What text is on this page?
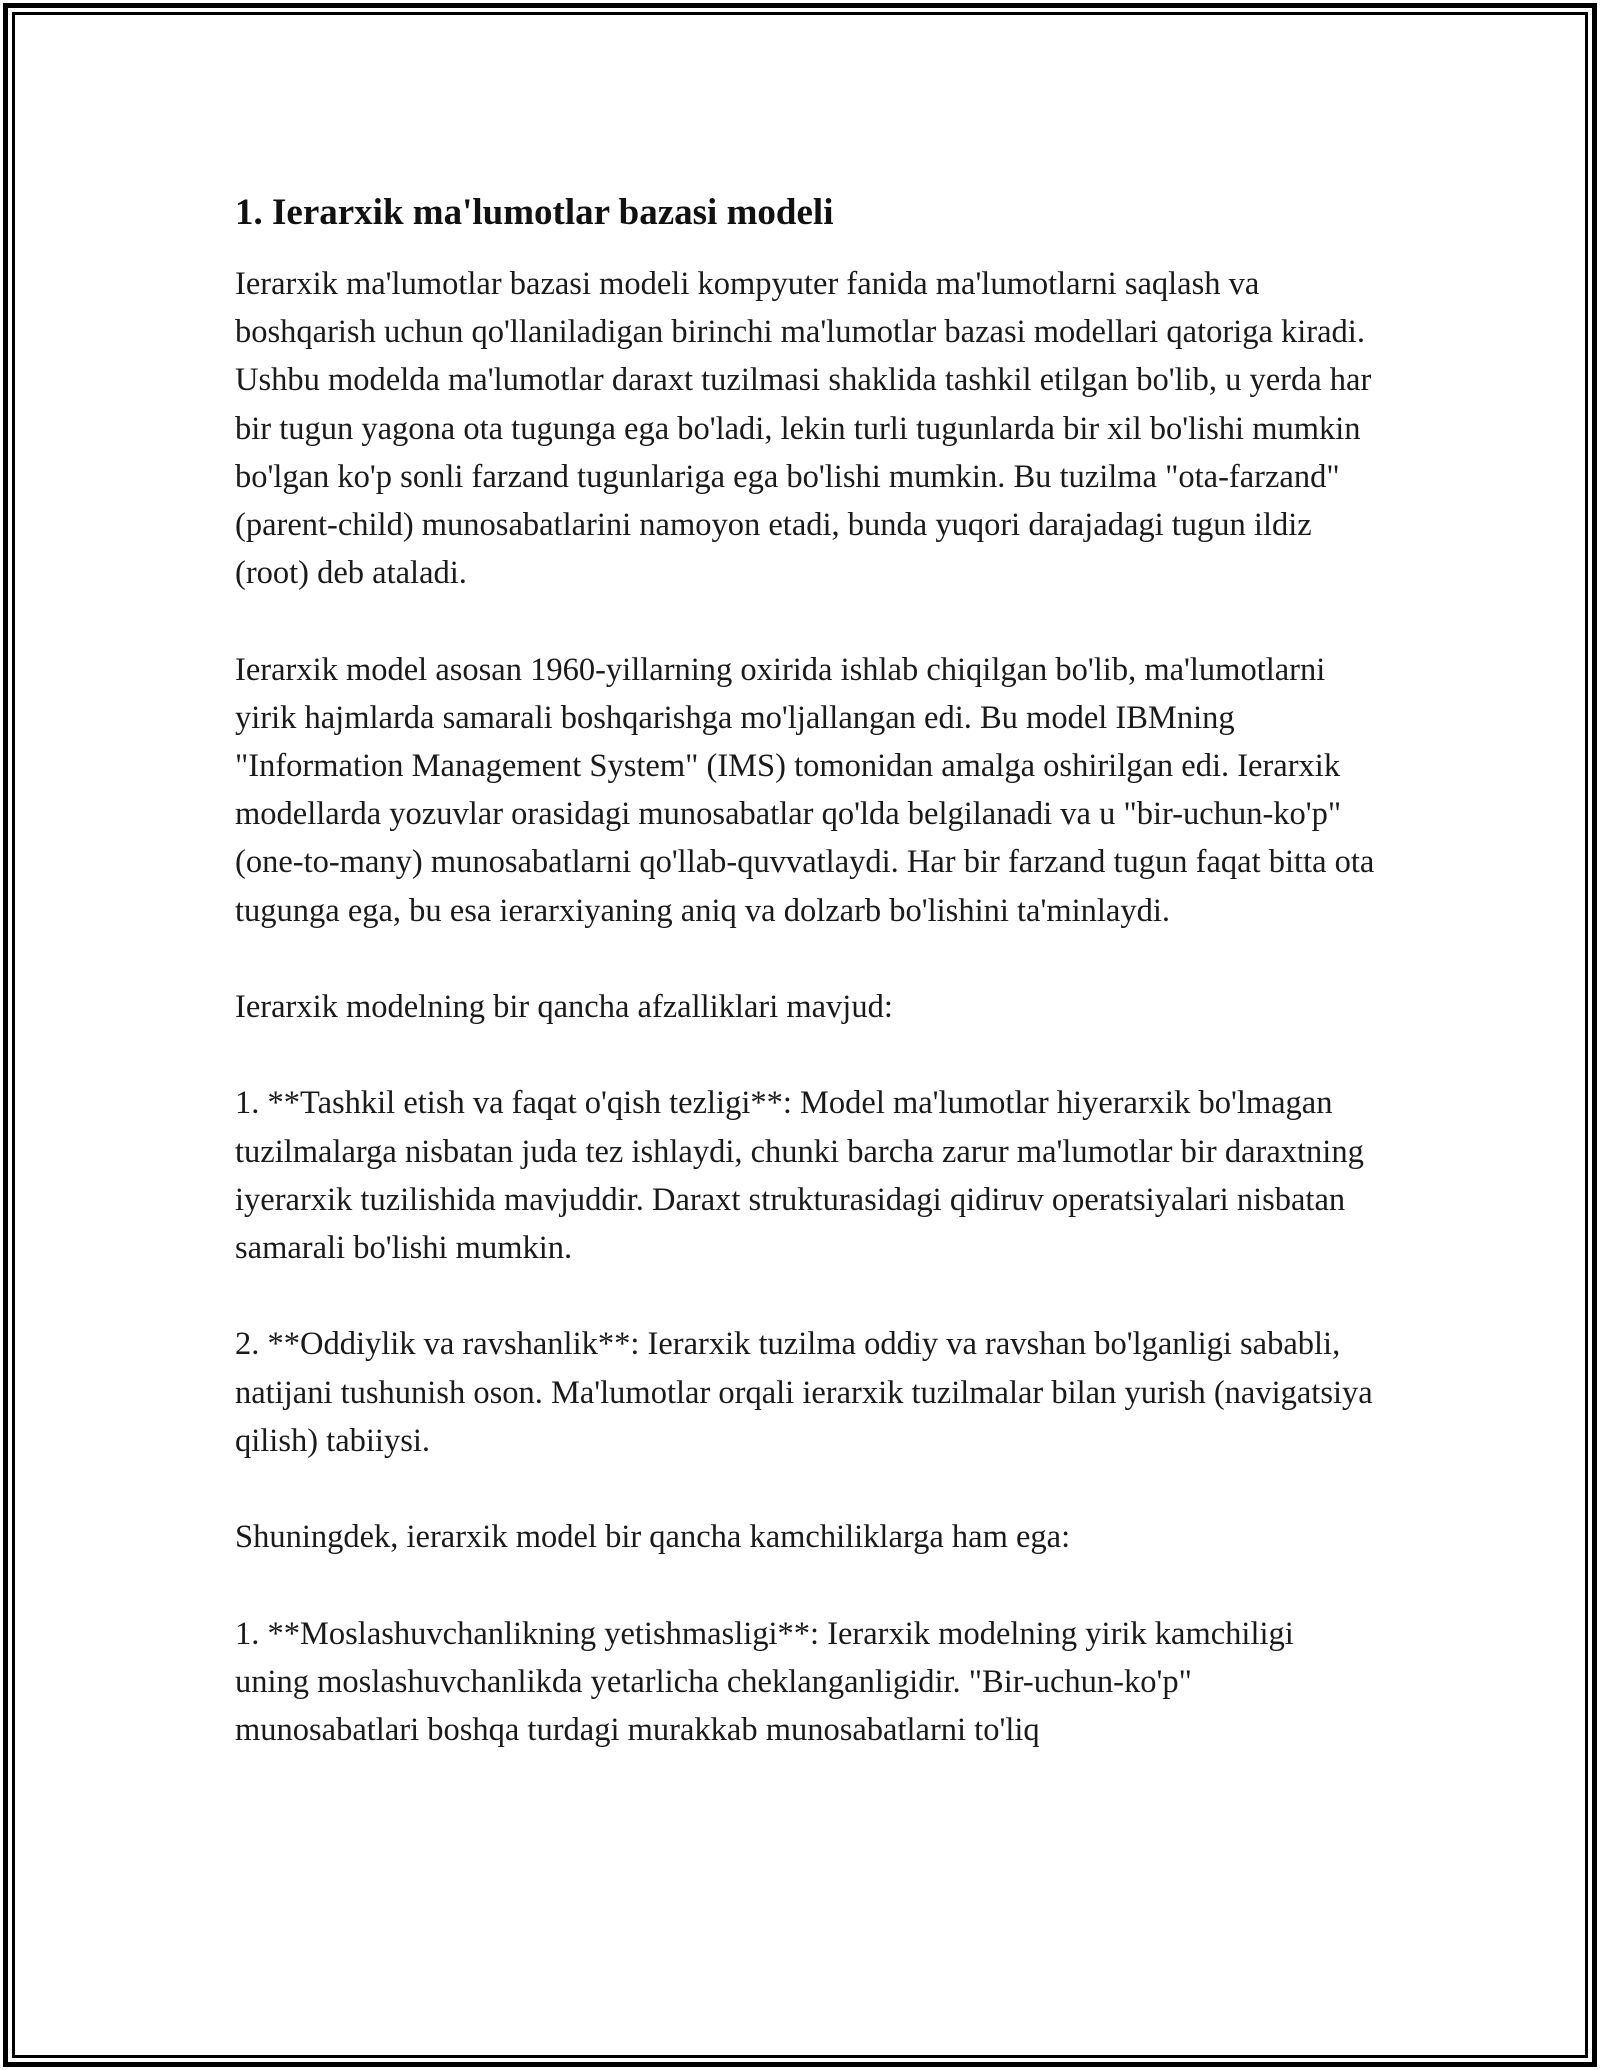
1. Ierarxik ma'lumotlar bazasi modeli

Ierarxik ma'lumotlar bazasi modeli kompyuter fanida ma'lumotlarni saqlash va boshqarish uchun qo'llaniladigan birinchi ma'lumotlar bazasi modellari qatoriga kiradi. Ushbu modelda ma'lumotlar daraxt tuzilmasi shaklida tashkil etilgan bo'lib, u yerda har bir tugun yagona ota tugunga ega bo'ladi, lekin turli tugunlarda bir xil bo'lishi mumkin bo'lgan ko'p sonli farzand tugunlariga ega bo'lishi mumkin. Bu tuzilma "ota-farzand" (parent-child) munosabatlarini namoyon etadi, bunda yuqori darajadagi tugun ildiz (root) deb ataladi.

Ierarxik model asosan 1960-yillarning oxirida ishlab chiqilgan bo'lib, ma'lumotlarni yirik hajmlarda samarali boshqarishga mo'ljallangan edi. Bu model IBMning "Information Management System" (IMS) tomonidan amalga oshirilgan edi. Ierarxik modellarda yozuvlar orasidagi munosabatlar qo'lda belgilanadi va u "bir-uchun-ko'p" (one-to-many) munosabatlarni qo'llab-quvvatlaydi. Har bir farzand tugun faqat bitta ota tugunga ega, bu esa ierarxiyaning aniq va dolzarb bo'lishini ta'minlaydi.

Ierarxik modelning bir qancha afzalliklari mavjud:

1. **Tashkil etish va faqat o'qish tezligi**: Model ma'lumotlar hiyerarxik bo'lmagan tuzilmalarga nisbatan juda tez ishlaydi, chunki barcha zarur ma'lumotlar bir daraxtning iyerarxik tuzilishida mavjuddir. Daraxt strukturasidagi qidiruv operatsiyalari nisbatan samarali bo'lishi mumkin.

2. **Oddiylik va ravshanlik**: Ierarxik tuzilma oddiy va ravshan bo'lganligi sababli, natijani tushunish oson. Ma'lumotlar orqali ierarxik tuzilmalar bilan yurish (navigatsiya qilish) tabiiysi.

Shuningdek, ierarxik model bir qancha kamchiliklarga ham ega:

1. **Moslashuvchanlikning yetishmasligi**: Ierarxik modelning yirik kamchiligi uning moslashuvchanlikda yetarlicha cheklanganligidir. "Bir-uchun-ko'p" munosabatlari boshqa turdagi murakkab munosabatlarni to'liq
